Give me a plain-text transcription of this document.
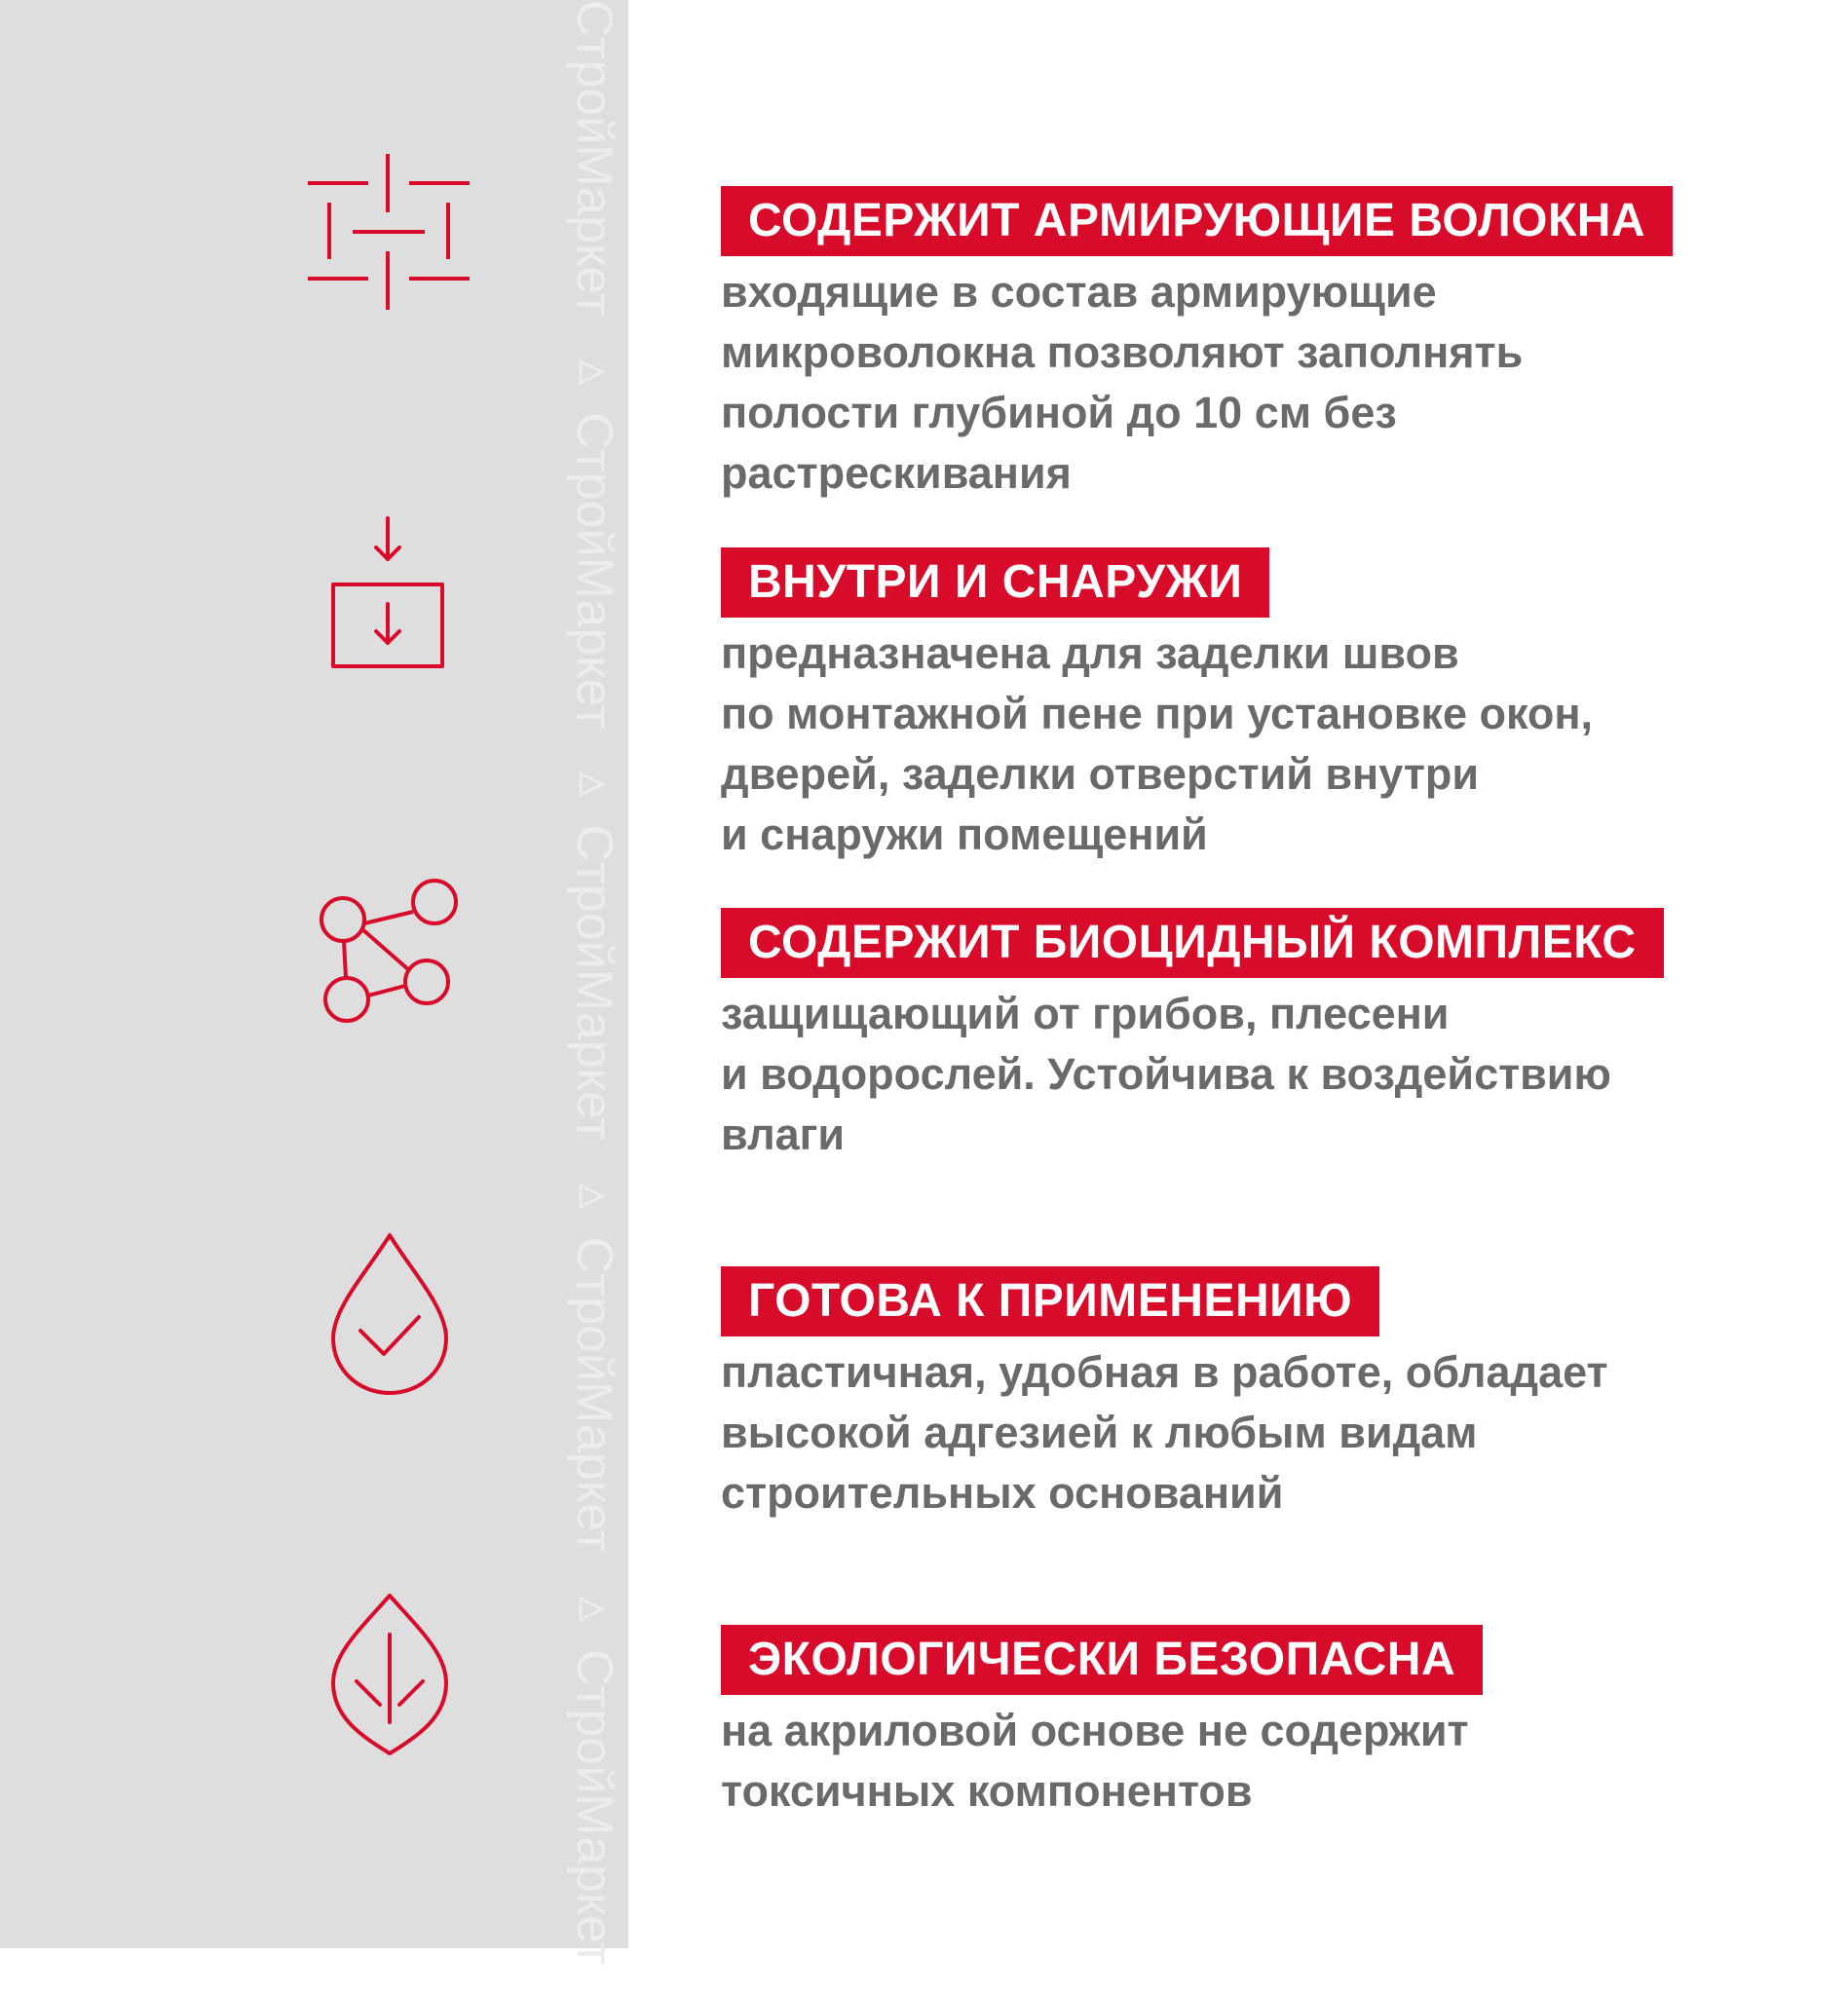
СтройМаркет  СтройМаркет  СтройМаркет  СтройМаркет  СтройМаркет
СОДЕРЖИТ АРМИРУЮЩИЕ ВОЛОКНА
входящие в состав армирующие
микроволокна позволяют заполнять
полости глубиной до 10 см без
растрескивания
ВНУТРИ И СНАРУЖИ
предназначена для заделки швов
по монтажной пене при установке окон,
дверей, заделки отверстий внутри
и снаружи помещений
СОДЕРЖИТ БИОЦИДНЫЙ КОМПЛЕКС
защищающий от грибов, плесени
и водорослей. Устойчива к воздействию
влаги
ГОТОВА К ПРИМЕНЕНИЮ
пластичная, удобная в работе, обладает
высокой адгезией к любым видам
строительных оснований
ЭКОЛОГИЧЕСКИ БЕЗОПАСНА
на акриловой основе не содержит
токсичных компонентов
